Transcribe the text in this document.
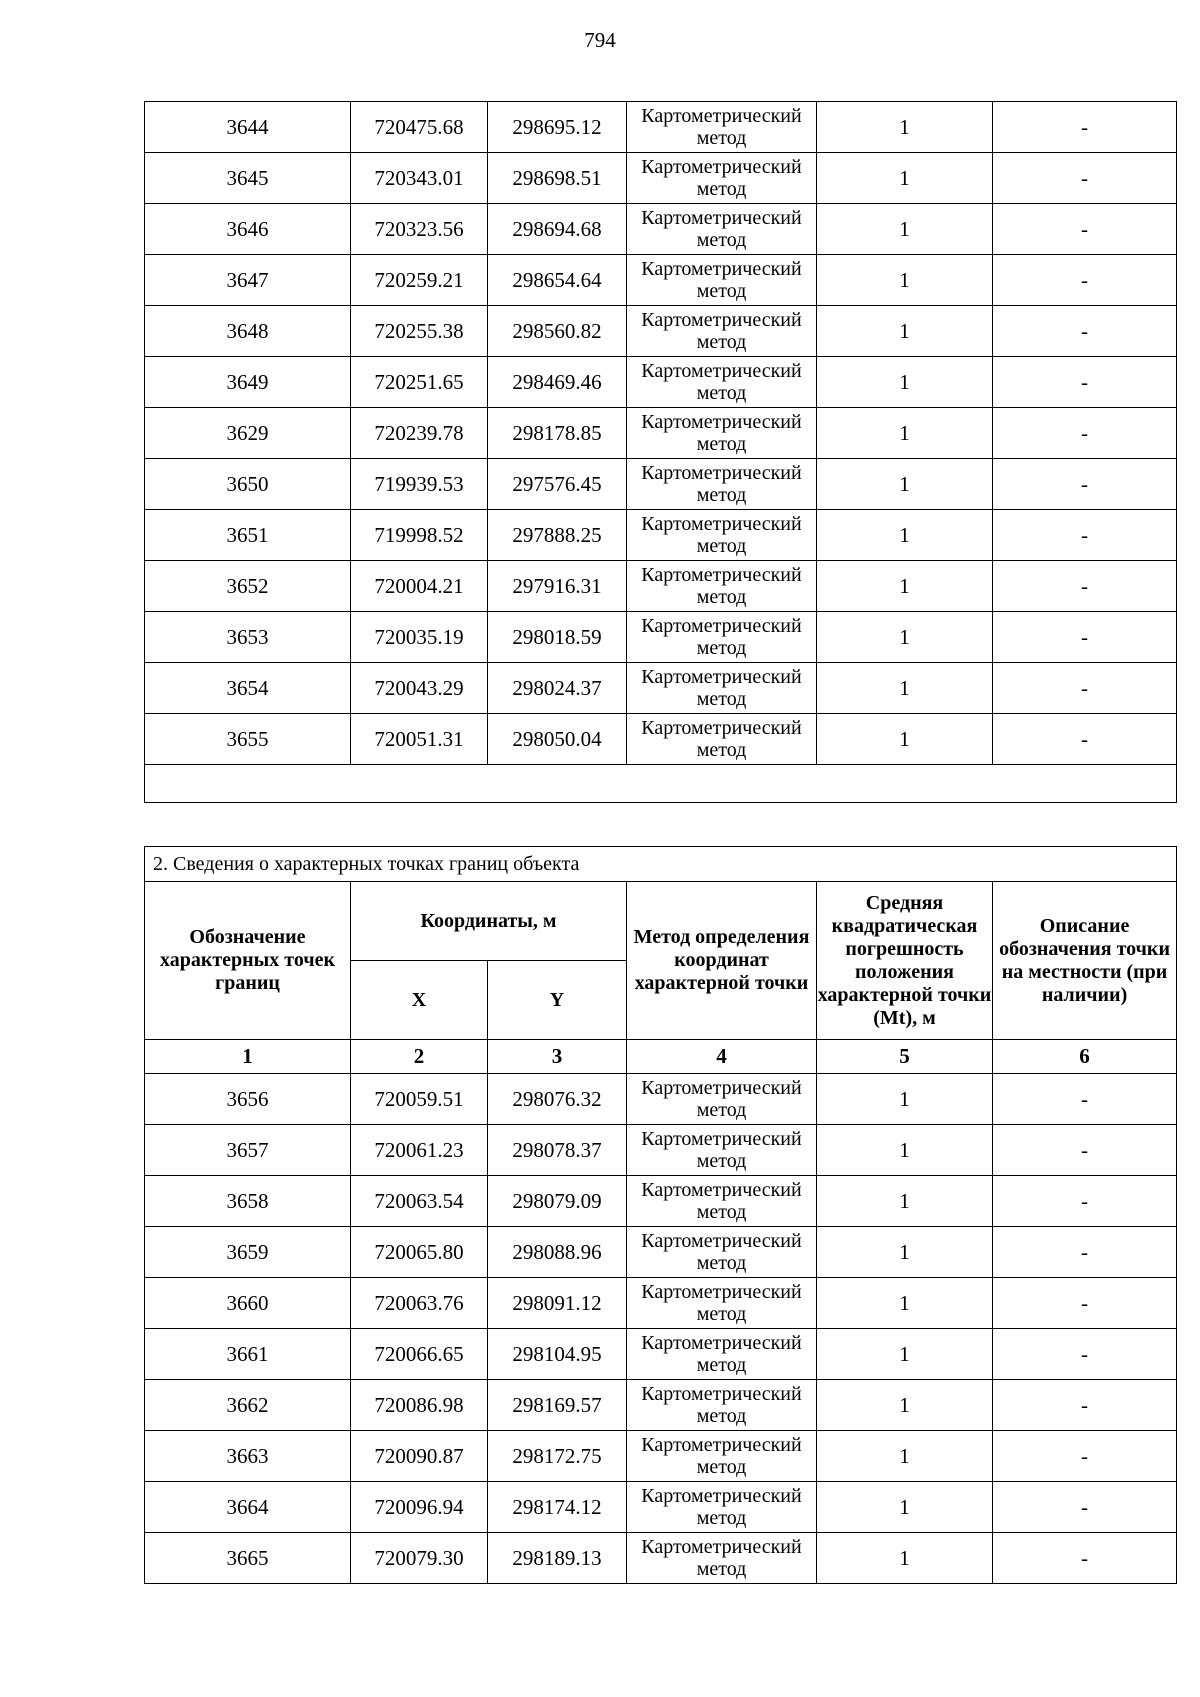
794
3644	720475.68	298695.12	Картометрический метод	1	-
3645	720343.01	298698.51	Картометрический метод	1	-
3646	720323.56	298694.68	Картометрический метод	1	-
3647	720259.21	298654.64	Картометрический метод	1	-
3648	720255.38	298560.82	Картометрический метод	1	-
3649	720251.65	298469.46	Картометрический метод	1	-
3629	720239.78	298178.85	Картометрический метод	1	-
3650	719939.53	297576.45	Картометрический метод	1	-
3651	719998.52	297888.25	Картометрический метод	1	-
3652	720004.21	297916.31	Картометрический метод	1	-
3653	720035.19	298018.59	Картометрический метод	1	-
3654	720043.29	298024.37	Картометрический метод	1	-
3655	720051.31	298050.04	Картометрический метод	1	-

2. Сведения о характерных точках границ объекта					
Обозначение характерных точек границ	Координаты, м		Метод определения координат характерной точки	Средняя квадратическая погрешность положения характерной точки (Mt), м	Описание обозначения точки на местности (при наличии)
	X	Y			
1	2	3	4	5	6
3656	720059.51	298076.32	Картометрический метод	1	-
3657	720061.23	298078.37	Картометрический метод	1	-
3658	720063.54	298079.09	Картометрический метод	1	-
3659	720065.80	298088.96	Картометрический метод	1	-
3660	720063.76	298091.12	Картометрический метод	1	-
3661	720066.65	298104.95	Картометрический метод	1	-
3662	720086.98	298169.57	Картометрический метод	1	-
3663	720090.87	298172.75	Картометрический метод	1	-
3664	720096.94	298174.12	Картометрический метод	1	-
3665	720079.30	298189.13	Картометрический метод	1	-
